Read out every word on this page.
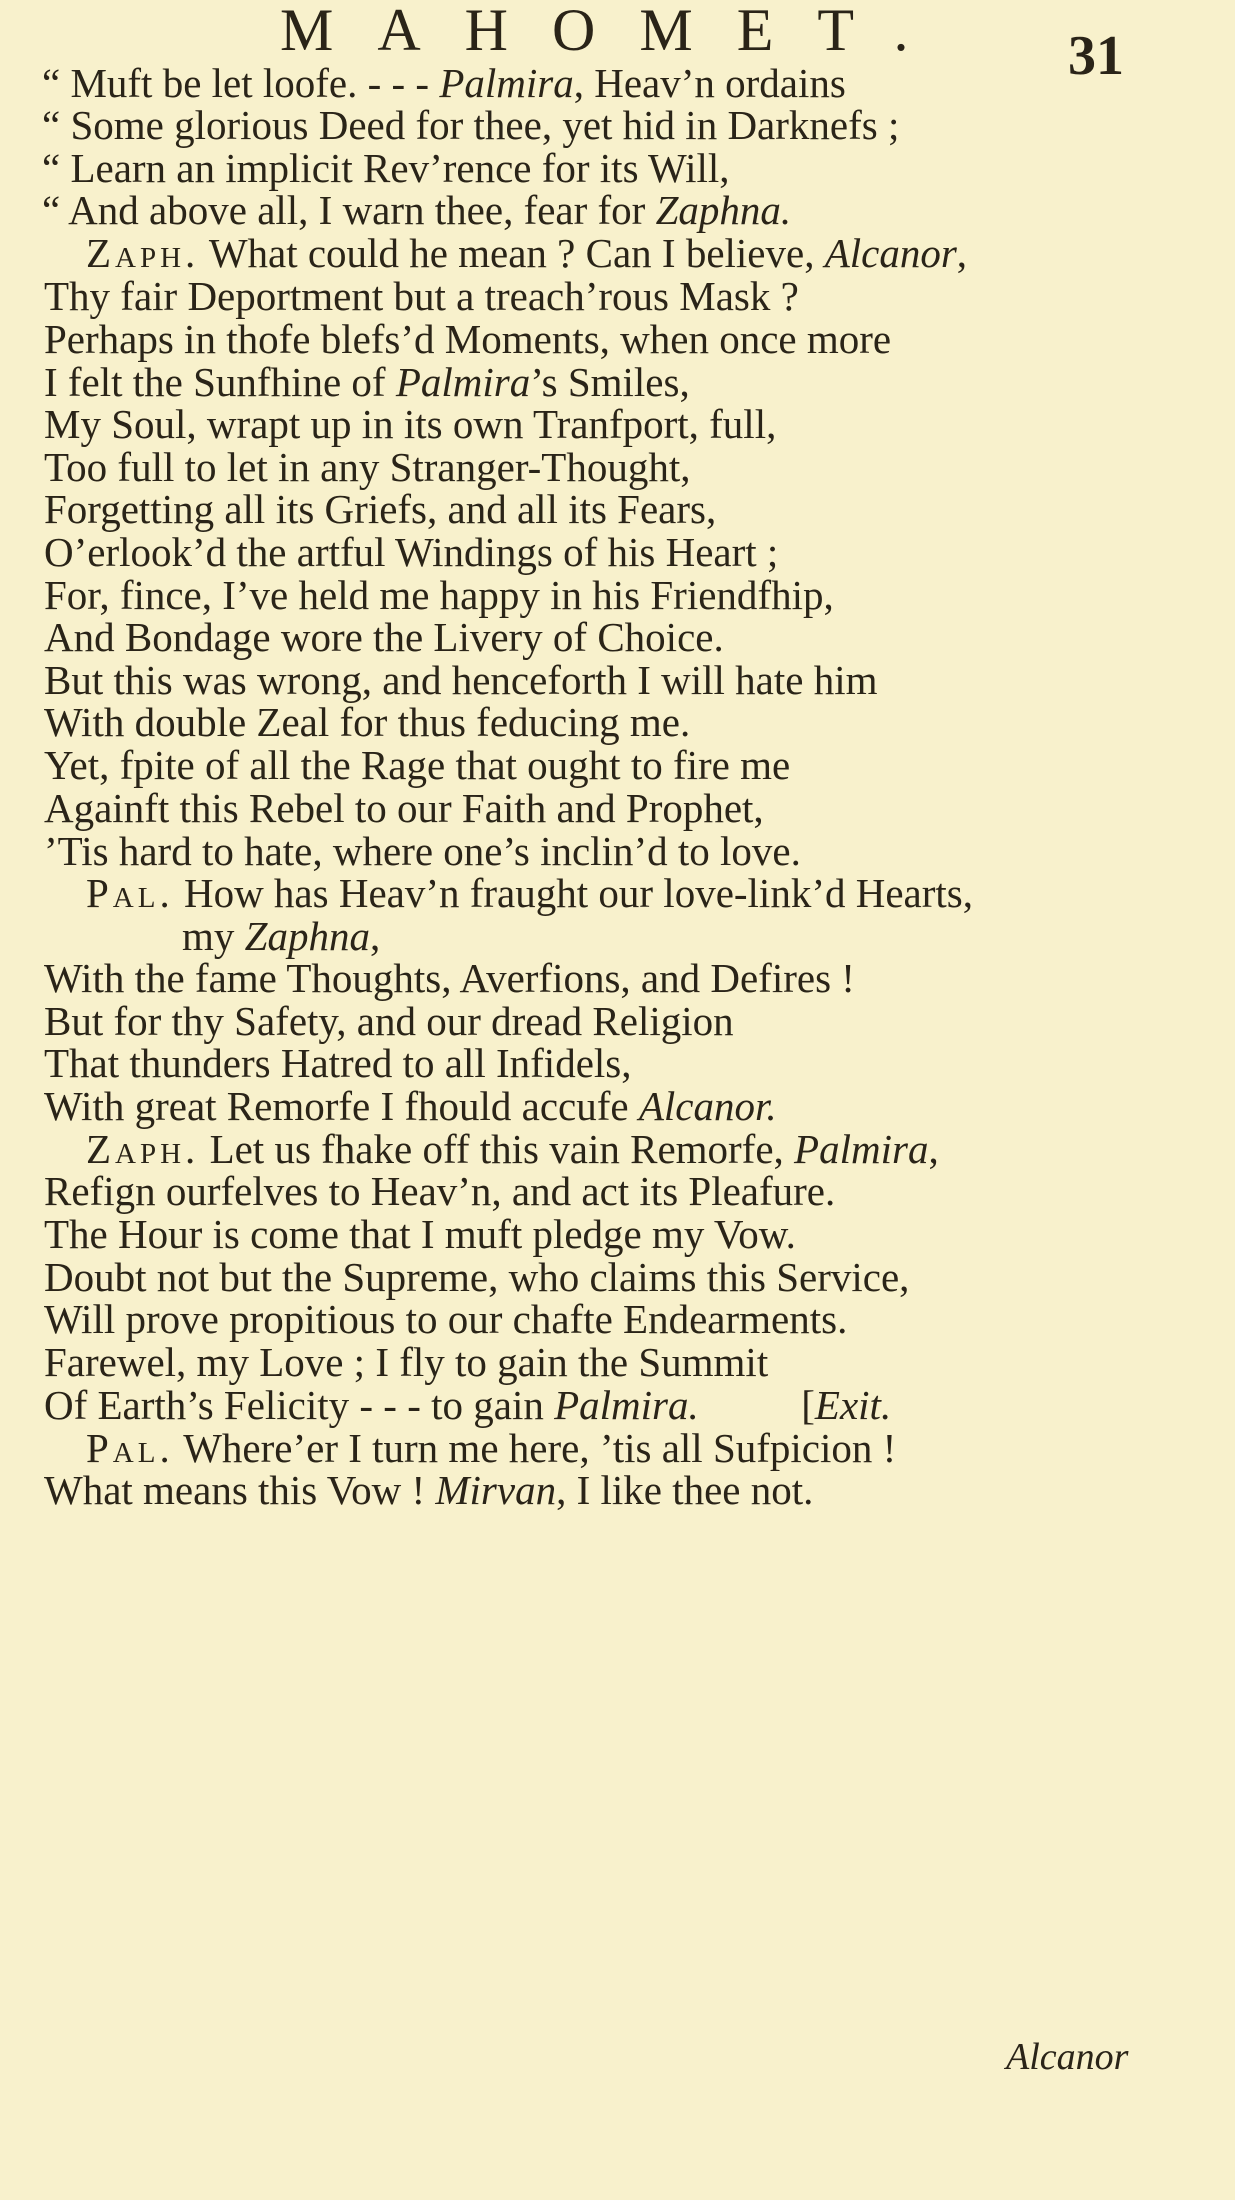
MAHOMET. 31
“ Muft be let loofe. - - - Palmira, Heav’n ordains
“ Some glorious Deed for thee, yet hid in Darknefs ;
“ Learn an implicit Rev’rence for its Will,
“ And above all, I warn thee, fear for Zaphna.
Zaph. What could he mean ? Can I believe, Alcanor,
Thy fair Deportment but a treach’rous Mask ?
Perhaps in thofe blefs’d Moments, when once more
I felt the Sunfhine of Palmira’s Smiles,
My Soul, wrapt up in its own Tranfport, full,
Too full to let in any Stranger-Thought,
Forgetting all its Griefs, and all its Fears,
O’erlook’d the artful Windings of his Heart ;
For, fince, I’ve held me happy in his Friendfhip,
And Bondage wore the Livery of Choice.
But this was wrong, and henceforth I will hate him
With double Zeal for thus feducing me.
Yet, fpite of all the Rage that ought to fire me
Againft this Rebel to our Faith and Prophet,
’Tis hard to hate, where one’s inclin’d to love.
Pal. How has Heav’n fraught our love-link’d Hearts,
my Zaphna,
With the fame Thoughts, Averfions, and Defires !
But for thy Safety, and our dread Religion
That thunders Hatred to all Infidels,
With great Remorfe I fhould accufe Alcanor.
Zaph. Let us fhake off this vain Remorfe, Palmira,
Refign ourfelves to Heav’n, and act its Pleafure.
The Hour is come that I muft pledge my Vow.
Doubt not but the Supreme, who claims this Service,
Will prove propitious to our chafte Endearments.
Farewel, my Love ; I fly to gain the Summit
Of Earth’s Felicity - - - to gain Palmira.          [Exit.
Pal. Where’er I turn me here, ’tis all Sufpicion !
What means this Vow ! Mirvan, I like thee not.
Alcanor
